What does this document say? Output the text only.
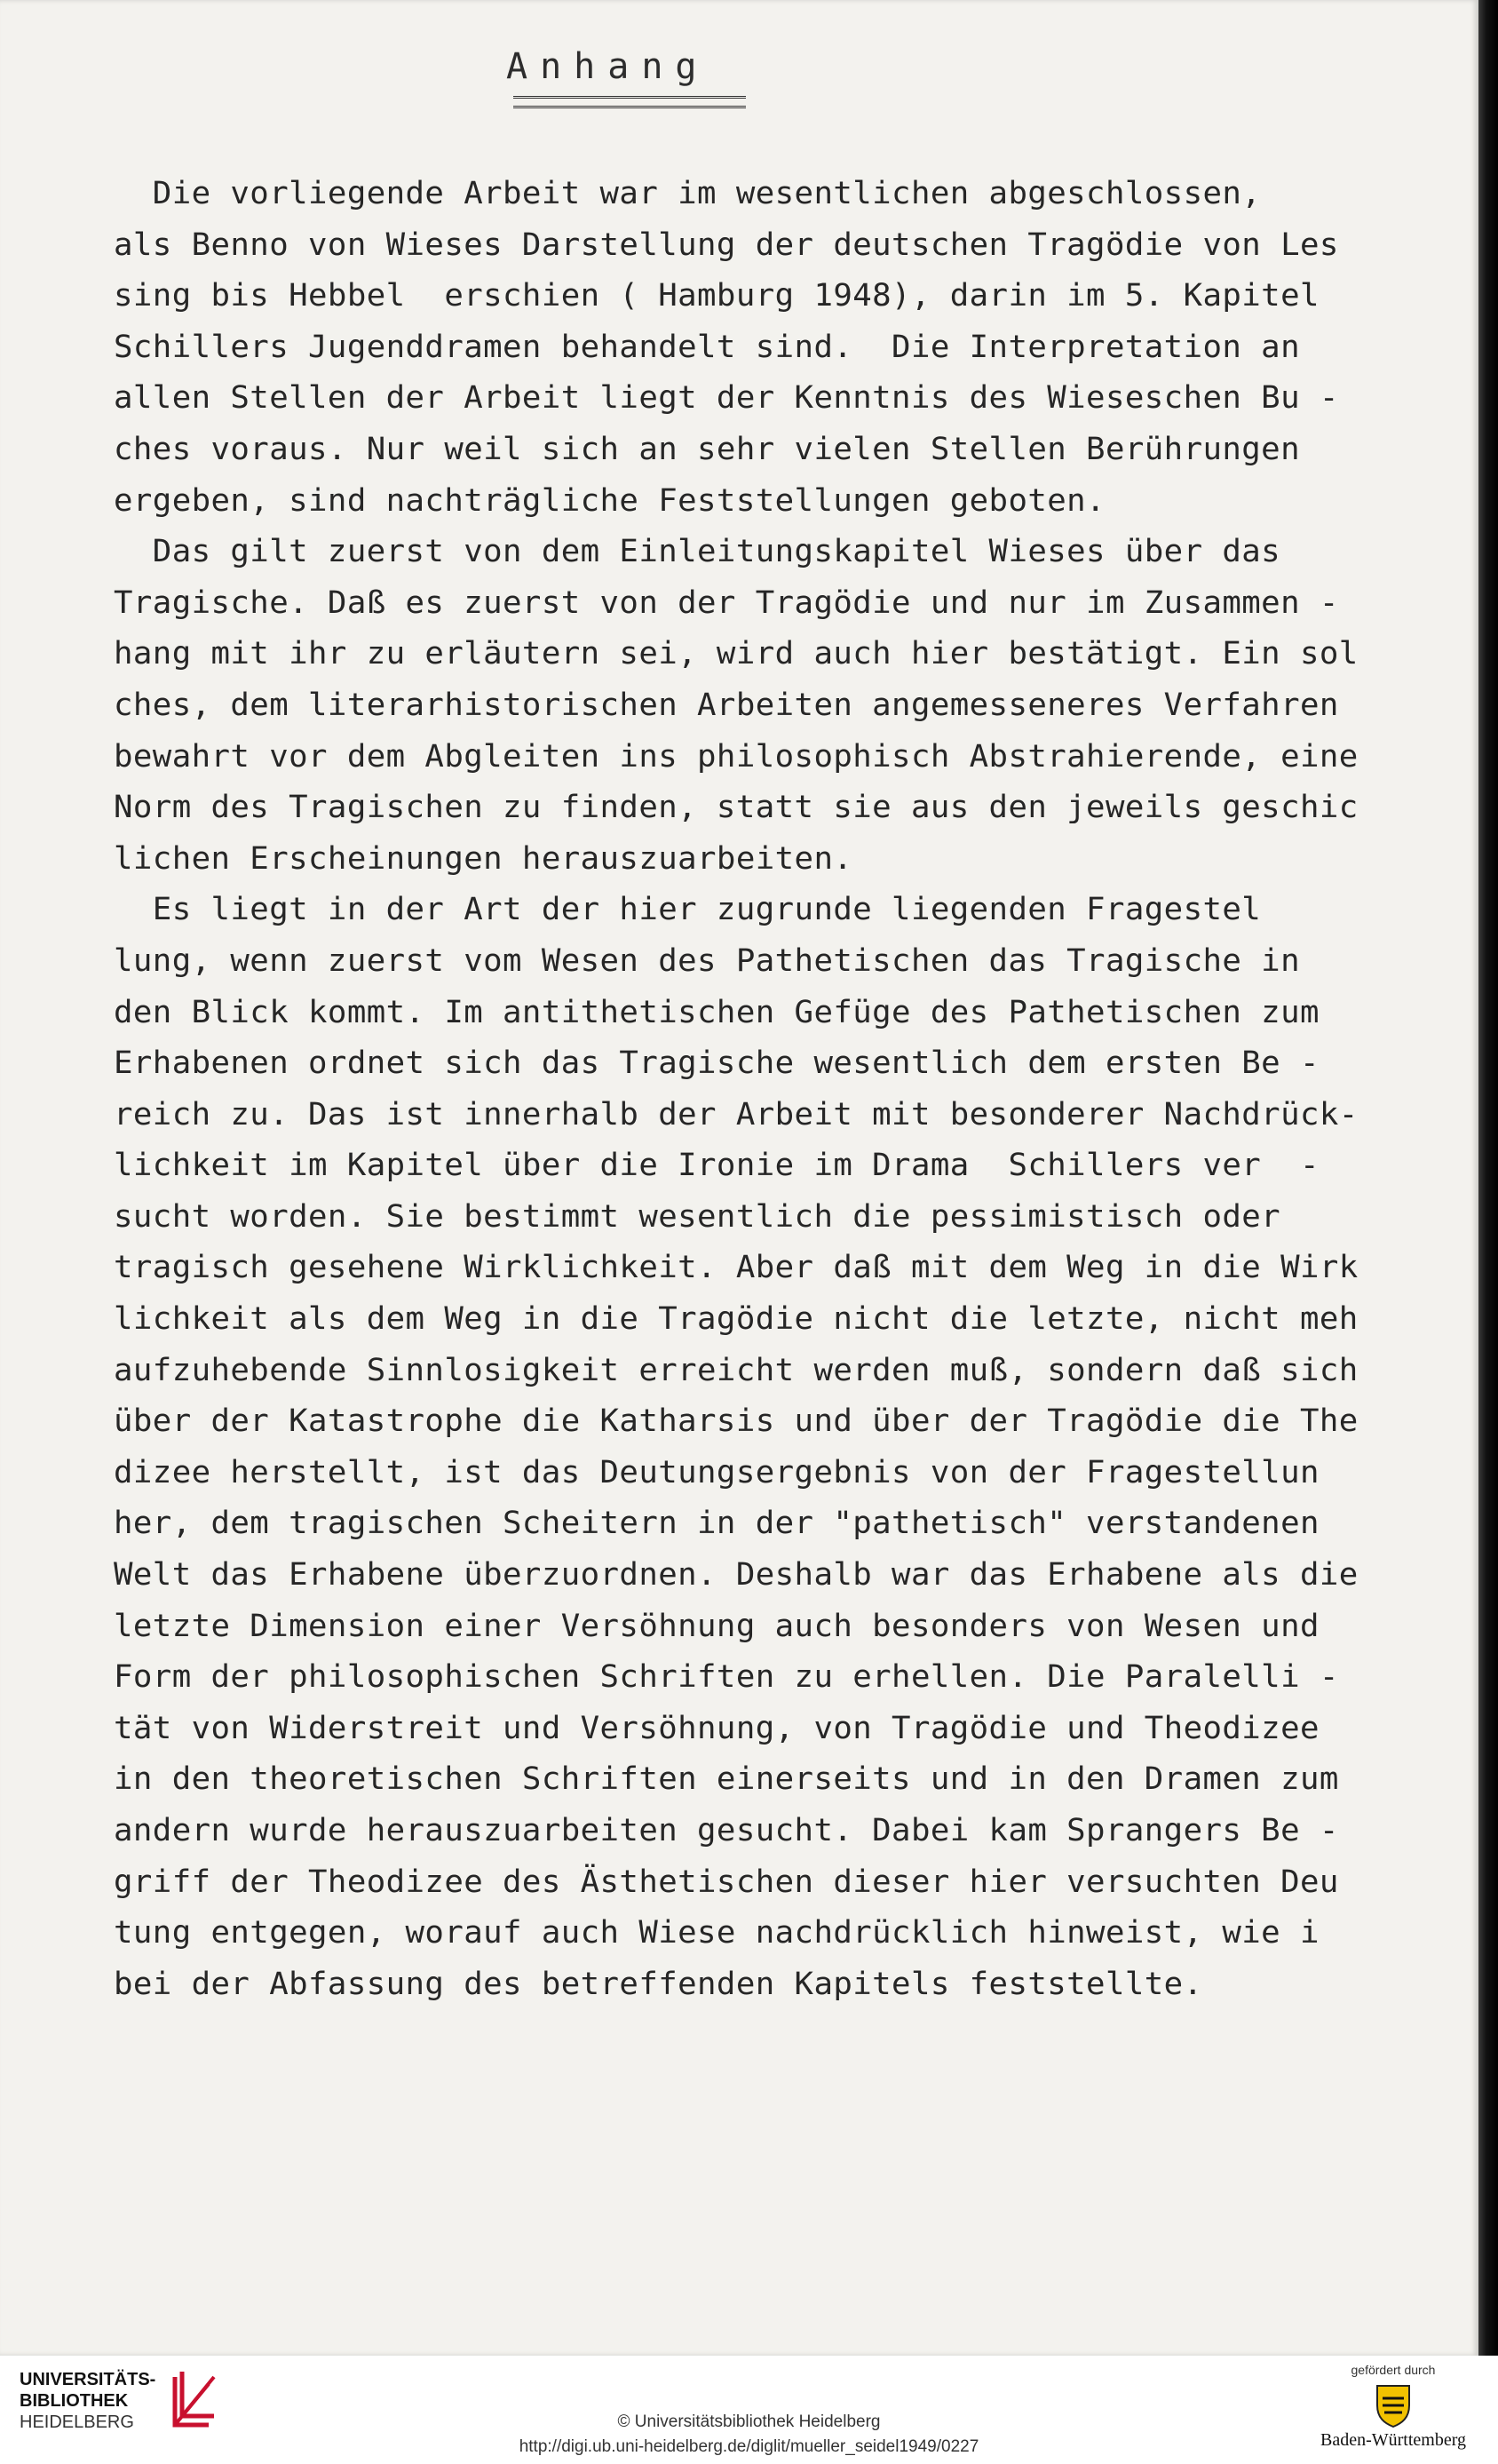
Anhang
Die vorliegende Arbeit war im wesentlichen abgeschlossen,
als Benno von Wieses Darstellung der deutschen Tragödie von Les
sing bis Hebbel  erschien ( Hamburg 1948), darin im 5. Kapitel
Schillers Jugenddramen behandelt sind.  Die Interpretation an
allen Stellen der Arbeit liegt der Kenntnis des Wieseschen Bu -
ches voraus. Nur weil sich an sehr vielen Stellen Berührungen
ergeben, sind nachträgliche Feststellungen geboten.
Das gilt zuerst von dem Einleitungskapitel Wieses über das
Tragische. Daß es zuerst von der Tragödie und nur im Zusammen -
hang mit ihr zu erläutern sei, wird auch hier bestätigt. Ein sol
ches, dem literarhistorischen Arbeiten angemesseneres Verfahren
bewahrt vor dem Abgleiten ins philosophisch Abstrahierende, eine
Norm des Tragischen zu finden, statt sie aus den jeweils geschic
lichen Erscheinungen herauszuarbeiten.
Es liegt in der Art der hier zugrunde liegenden Fragestel
lung, wenn zuerst vom Wesen des Pathetischen das Tragische in
den Blick kommt. Im antithetischen Gefüge des Pathetischen zum
Erhabenen ordnet sich das Tragische wesentlich dem ersten Be -
reich zu. Das ist innerhalb der Arbeit mit besonderer Nachdrück-
lichkeit im Kapitel über die Ironie im Drama  Schillers ver  -
sucht worden. Sie bestimmt wesentlich die pessimistisch oder
tragisch gesehene Wirklichkeit. Aber daß mit dem Weg in die Wirk
lichkeit als dem Weg in die Tragödie nicht die letzte, nicht meh
aufzuhebende Sinnlosigkeit erreicht werden muß, sondern daß sich
über der Katastrophe die Katharsis und über der Tragödie die The
dizee herstellt, ist das Deutungsergebnis von der Fragestellun
her, dem tragischen Scheitern in der "pathetisch" verstandenen
Welt das Erhabene überzuordnen. Deshalb war das Erhabene als die
letzte Dimension einer Versöhnung auch besonders von Wesen und
Form der philosophischen Schriften zu erhellen. Die Paralelli -
tät von Widerstreit und Versöhnung, von Tragödie und Theodizee
in den theoretischen Schriften einerseits und in den Dramen zum
andern wurde herauszuarbeiten gesucht. Dabei kam Sprangers Be -
griff der Theodizee des Ästhetischen dieser hier versuchten Deu
tung entgegen, worauf auch Wiese nachdrücklich hinweist, wie i
bei der Abfassung des betreffenden Kapitels feststellte.
UNIVERSITÄTS-
BIBLIOTHEK
HEIDELBERG	© Universitätsbibliothek Heidelberg
http://digi.ub.uni-heidelberg.de/diglit/mueller_seidel1949/0227
gefördert durch
Baden-Württemberg
